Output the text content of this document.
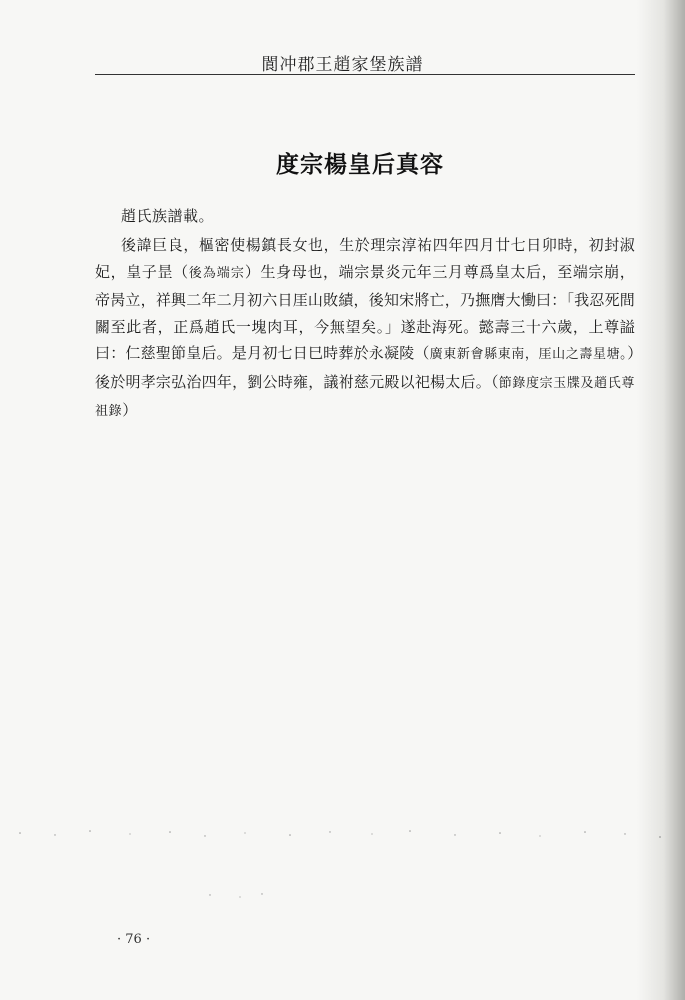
閬冲郡王趙家堡族譜
度宗楊皇后真容
趙氏族譜載。
後諱巨良，樞密使楊鎮長女也，生於理宗淳祐四年四月廿七日卯時，初封淑妃，皇子昰（後為端宗）生身母也，端宗景炎元年三月尊爲皇太后，至端宗崩，帝昺立，祥興二年二月初六日厓山敗績，後知宋將亡，乃撫膺大慟曰：「我忍死間關至此者，正爲趙氏一塊肉耳，今無望矣。」遂赴海死。懿壽三十六歲，上尊謚曰：仁慈聖節皇后。是月初七日巳時葬於永凝陵（廣東新會縣東南，厓山之壽星塘。）後於明孝宗弘治四年，劉公時雍，議祔慈元殿以祀楊太后。（節錄度宗玉牒及趙氏尊祖錄）
· 76 ·
